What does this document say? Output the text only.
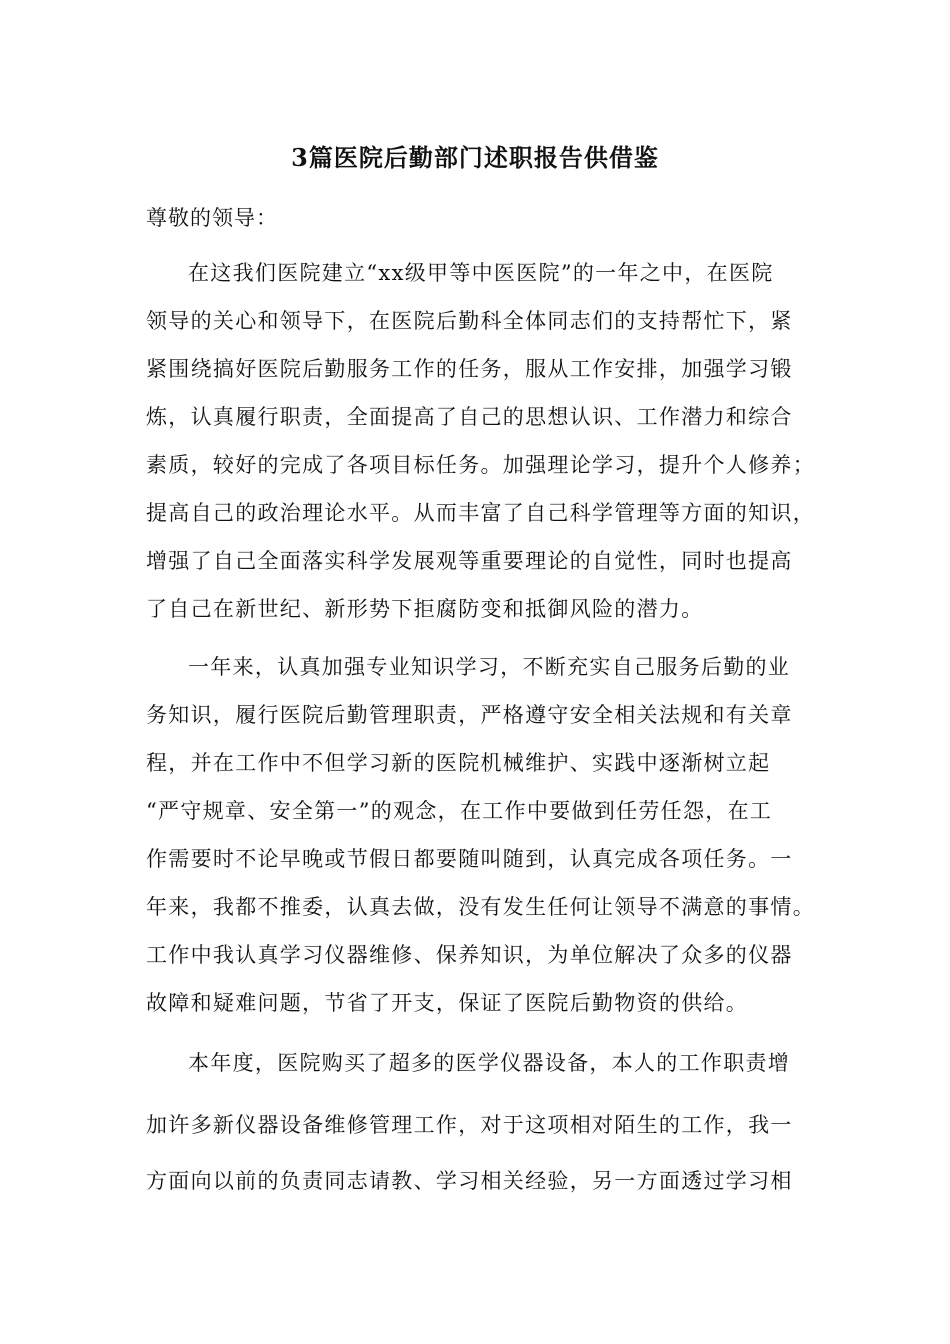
3篇医院后勤部门述职报告供借鉴
尊敬的领导：
在这我们医院建立“xx级甲等中医医院”的一年之中，在医院
领导的关心和领导下，在医院后勤科全体同志们的支持帮忙下，紧
紧围绕搞好医院后勤服务工作的任务，服从工作安排，加强学习锻
炼，认真履行职责，全面提高了自己的思想认识、工作潜力和综合
素质，较好的完成了各项目标任务。加强理论学习，提升个人修养；
提高自己的政治理论水平。从而丰富了自己科学管理等方面的知识，
增强了自己全面落实科学发展观等重要理论的自觉性，同时也提高
了自己在新世纪、新形势下拒腐防变和抵御风险的潜力。
一年来，认真加强专业知识学习，不断充实自己服务后勤的业
务知识，履行医院后勤管理职责，严格遵守安全相关法规和有关章
程，并在工作中不但学习新的医院机械维护、实践中逐渐树立起
“严守规章、安全第一”的观念，在工作中要做到任劳任怨，在工
作需要时不论早晚或节假日都要随叫随到，认真完成各项任务。一
年来，我都不推委，认真去做，没有发生任何让领导不满意的事情。
工作中我认真学习仪器维修、保养知识，为单位解决了众多的仪器
故障和疑难问题，节省了开支，保证了医院后勤物资的供给。
本年度，医院购买了超多的医学仪器设备，本人的工作职责增
加许多新仪器设备维修管理工作，对于这项相对陌生的工作，我一
方面向以前的负责同志请教、学习相关经验，另一方面透过学习相
